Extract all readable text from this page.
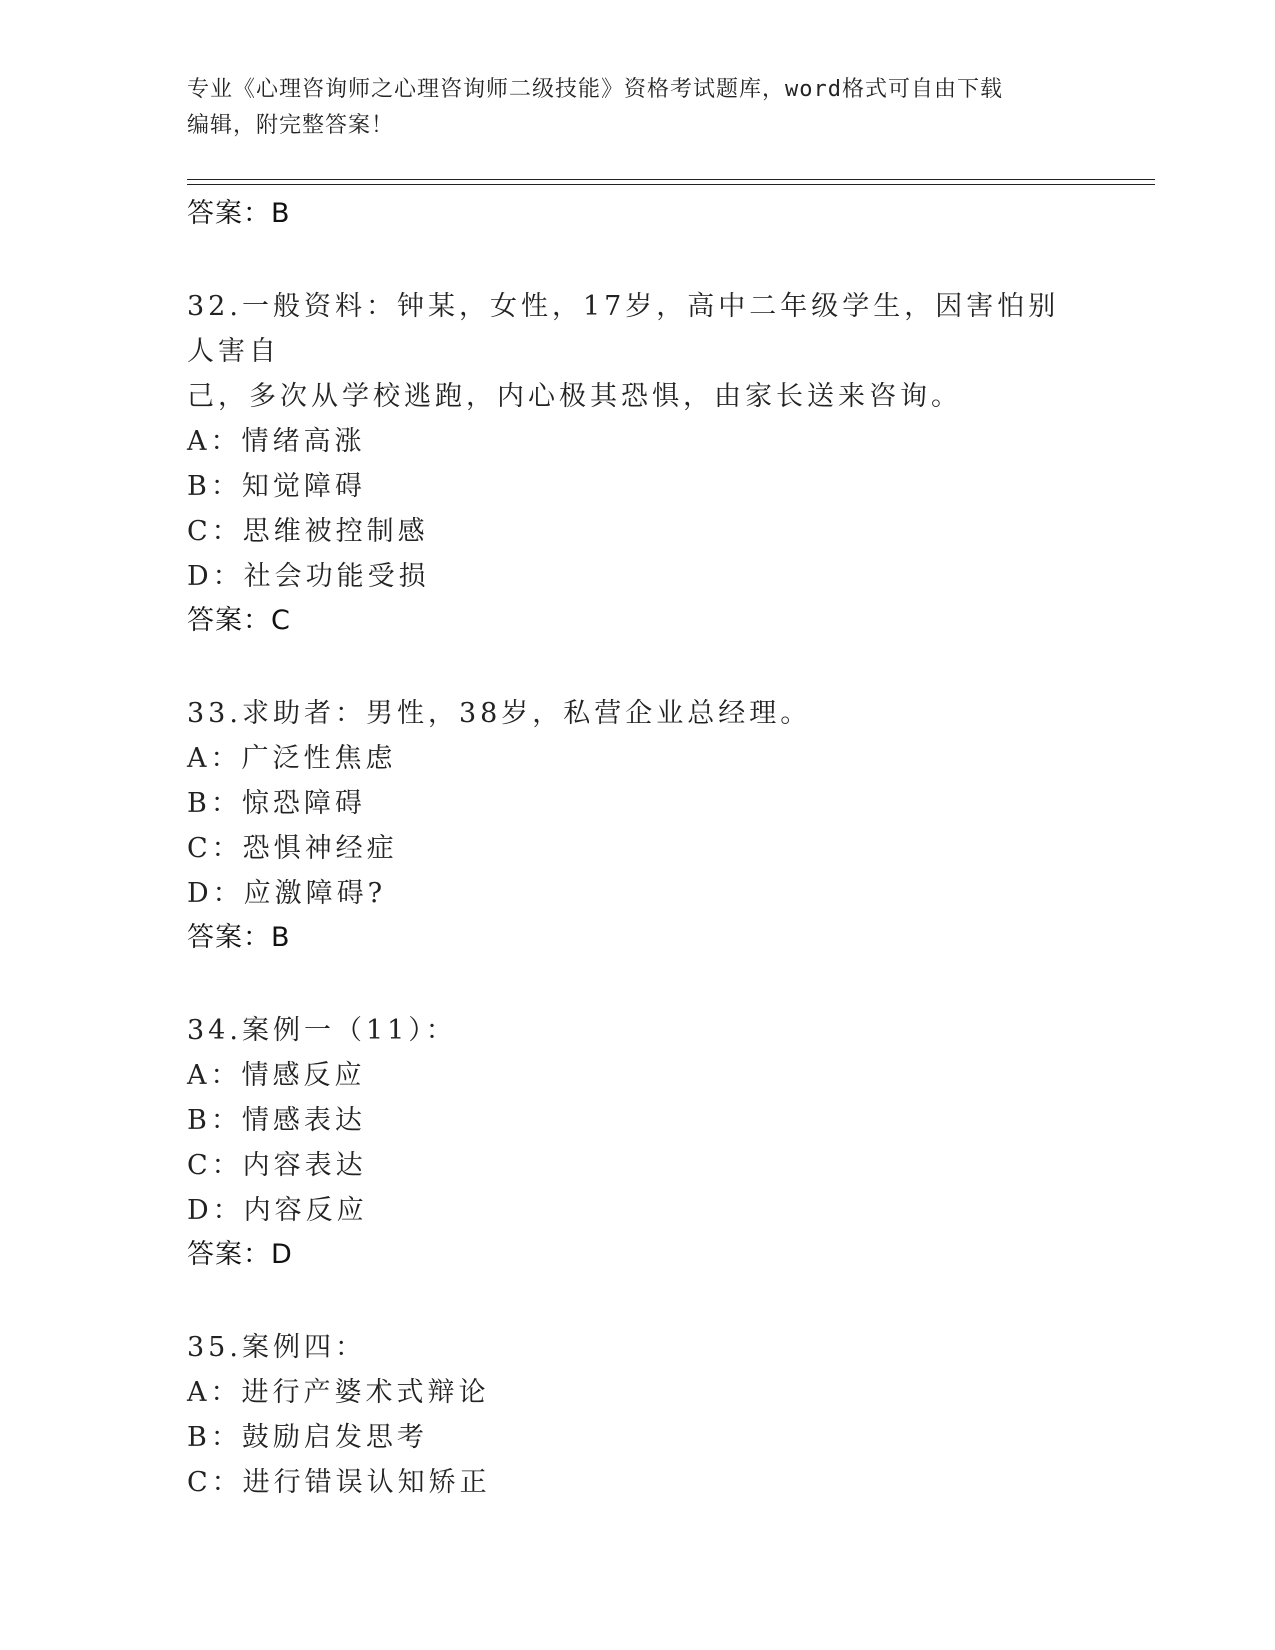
专业《心理咨询师之心理咨询师二级技能》资格考试题库，word格式可自由下载
编辑，附完整答案！
答案：B
32.一般资料：钟某，女性，17岁，高中二年级学生，因害怕别人害自
己，多次从学校逃跑，内心极其恐惧，由家长送来咨询。
A：情绪高涨
B：知觉障碍
C：思维被控制感
D：社会功能受损
答案：C
33.求助者：男性，38岁，私营企业总经理。
A：广泛性焦虑
B：惊恐障碍
C：恐惧神经症
D：应激障碍?
答案：B
34.案例一（11）：
A：情感反应
B：情感表达
C：内容表达
D：内容反应
答案：D
35.案例四：
A：进行产婆术式辩论
B：鼓励启发思考
C：进行错误认知矫正
